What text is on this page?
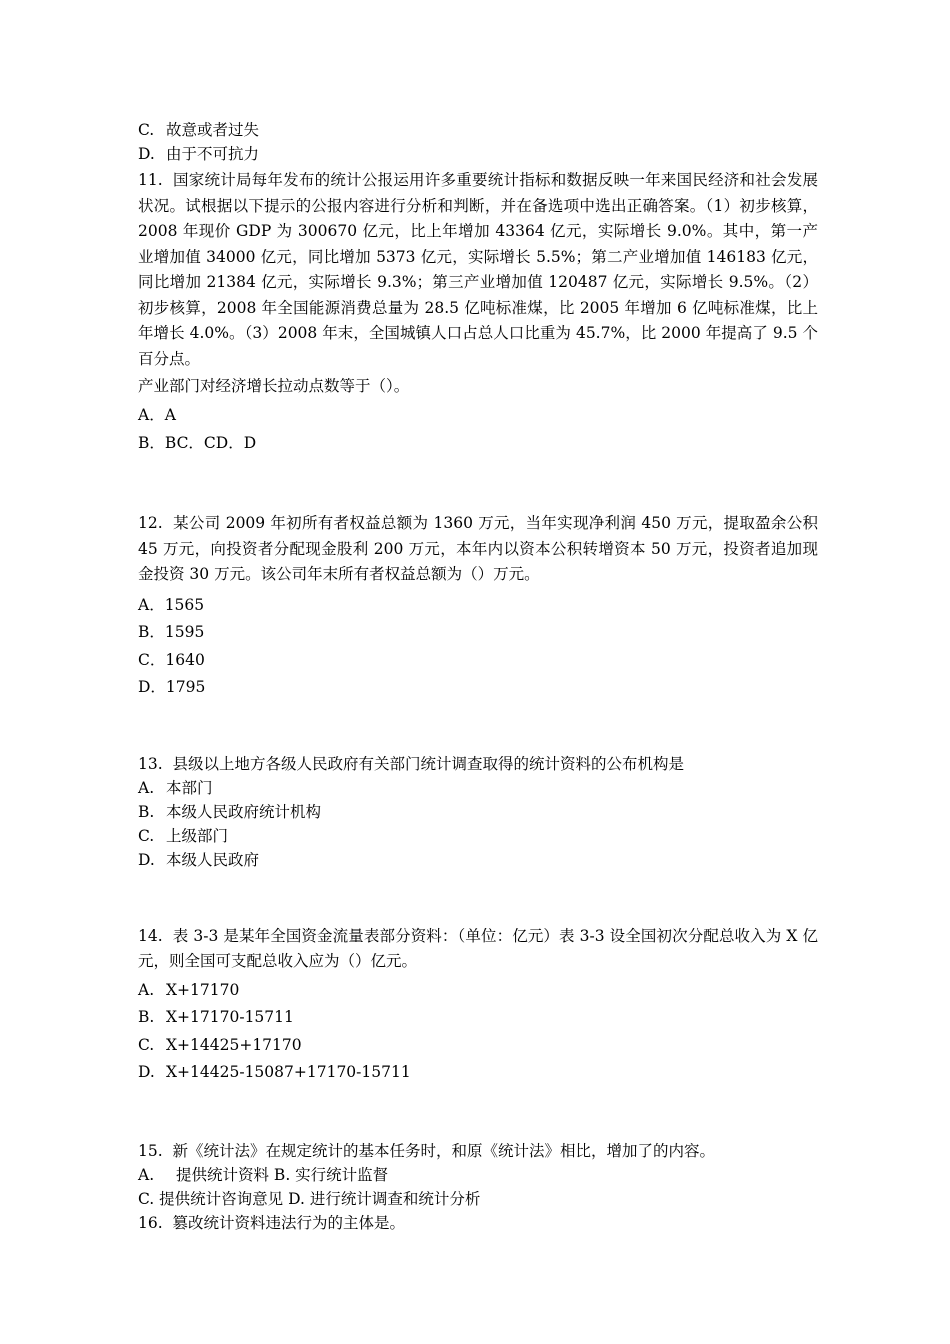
C. 故意或者过失
D. 由于不可抗力
11. 国家统计局每年发布的统计公报运用许多重要统计指标和数据反映一年来国民经济和社会发展状况。试根据以下提示的公报内容进行分析和判断，并在备选项中选出正确答案。（1）初步核算，2008 年现价 GDP 为 300670 亿元，比上年增加 43364 亿元，实际增长 9.0%。其中，第一产业增加值 34000 亿元，同比增加 5373 亿元，实际增长 5.5%；第二产业增加值 146183 亿元，同比增加 21384 亿元，实际增长 9.3%；第三产业增加值 120487 亿元，实际增长 9.5%。（2）初步核算，2008 年全国能源消费总量为 28.5 亿吨标准煤，比 2005 年增加 6 亿吨标准煤，比上年增长 4.0%。（3）2008 年末，全国城镇人口占总人口比重为 45.7%，比 2000 年提高了 9.5 个百分点。
产业部门对经济增长拉动点数等于（）。
A．A
B．BC．CD．D
12. 某公司 2009 年初所有者权益总额为 1360 万元，当年实现净利润 450 万元，提取盈余公积 45 万元，向投资者分配现金股利 200 万元，本年内以资本公积转增资本 50 万元，投资者追加现金投资 30 万元。该公司年末所有者权益总额为（）万元。
A．1565
B．1595
C．1640
D．1795
13. 县级以上地方各级人民政府有关部门统计调查取得的统计资料的公布机构是
A. 本部门
B. 本级人民政府统计机构
C. 上级部门
D. 本级人民政府
14. 表 3-3 是某年全国资金流量表部分资料：（单位：亿元）表 3-3 设全国初次分配总收入为 X 亿元，则全国可支配总收入应为（）亿元。
A. X+17170
B. X+17170-15711
C. X+14425+17170
D. X+14425-15087+17170-15711
15. 新《统计法》在规定统计的基本任务时，和原《统计法》相比，增加了的内容。
A. 提供统计资料 B. 实行统计监督
C. 提供统计咨询意见 D. 进行统计调查和统计分析
16. 篡改统计资料违法行为的主体是。
